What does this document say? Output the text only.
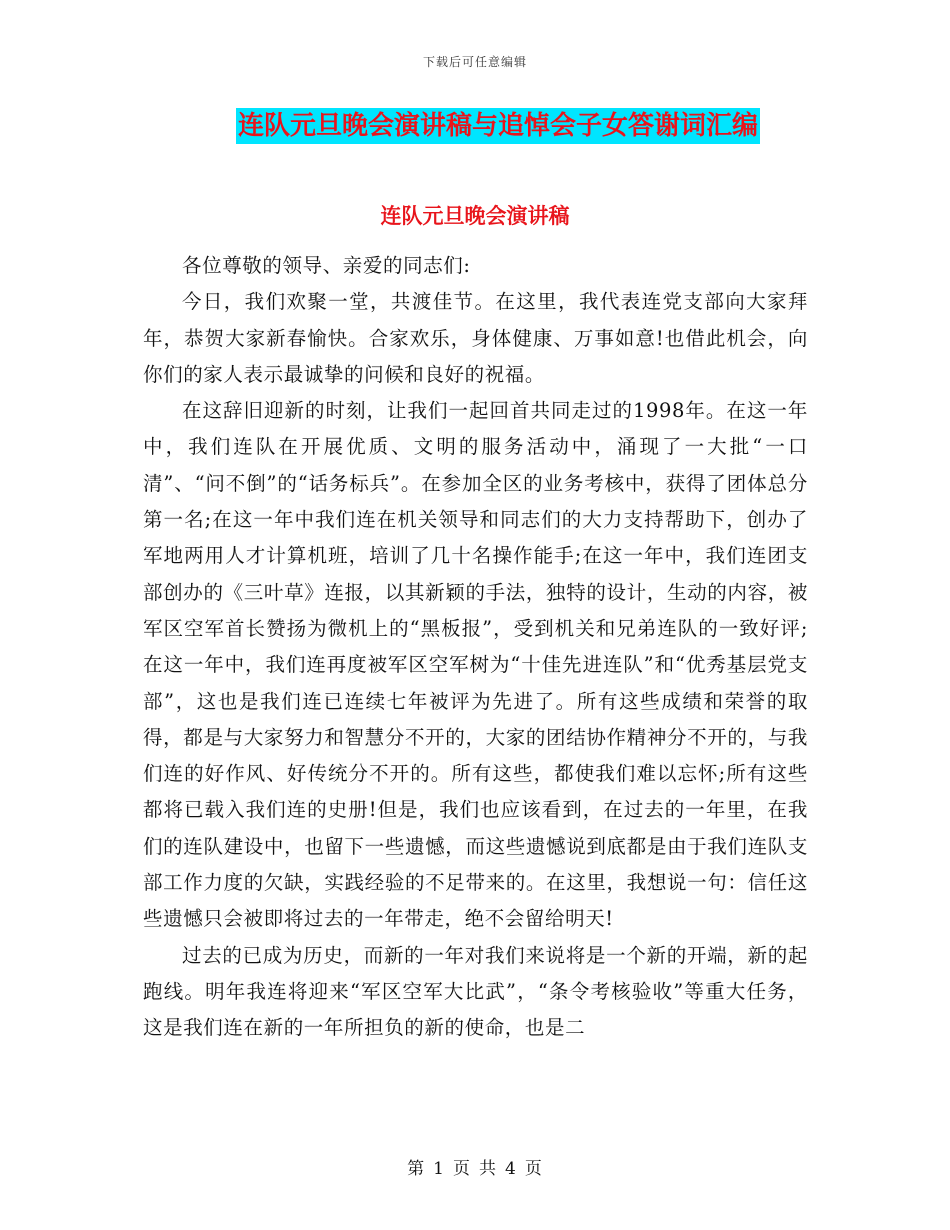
下载后可任意编辑
连队元旦晚会演讲稿与追悼会子女答谢词汇编
连队元旦晚会演讲稿

各位尊敬的领导、亲爱的同志们:

今日，我们欢聚一堂，共渡佳节。在这里，我代表连党支部向大家拜年，恭贺大家新春愉快。合家欢乐，身体健康、万事如意!也借此机会，向你们的家人表示最诚挚的问候和良好的祝福。

在这辞旧迎新的时刻，让我们一起回首共同走过的1998年。在这一年中，我们连队在开展优质、文明的服务活动中，涌现了一大批“一口清”、“问不倒”的“话务标兵”。在参加全区的业务考核中，获得了团体总分第一名;在这一年中我们连在机关领导和同志们的大力支持帮助下，创办了军地两用人才计算机班，培训了几十名操作能手;在这一年中，我们连团支部创办的《三叶草》连报，以其新颖的手法，独特的设计，生动的内容，被军区空军首长赞扬为微机上的“黑板报”，受到机关和兄弟连队的一致好评;在这一年中，我们连再度被军区空军树为“十佳先进连队”和“优秀基层党支部”，这也是我们连已连续七年被评为先进了。所有这些成绩和荣誉的取得，都是与大家努力和智慧分不开的，大家的团结协作精神分不开的，与我们连的好作风、好传统分不开的。所有这些，都使我们难以忘怀;所有这些都将已载入我们连的史册!但是，我们也应该看到，在过去的一年里，在我们的连队建设中，也留下一些遗憾，而这些遗憾说到底都是由于我们连队支部工作力度的欠缺，实践经验的不足带来的。在这里，我想说一句：信任这些遗憾只会被即将过去的一年带走，绝不会留给明天!

过去的已成为历史，而新的一年对我们来说将是一个新的开端，新的起跑线。明年我连将迎来“军区空军大比武”，“条令考核验收”等重大任务，这是我们连在新的一年所担负的新的使命，也是二

第 1 页 共 4 页
